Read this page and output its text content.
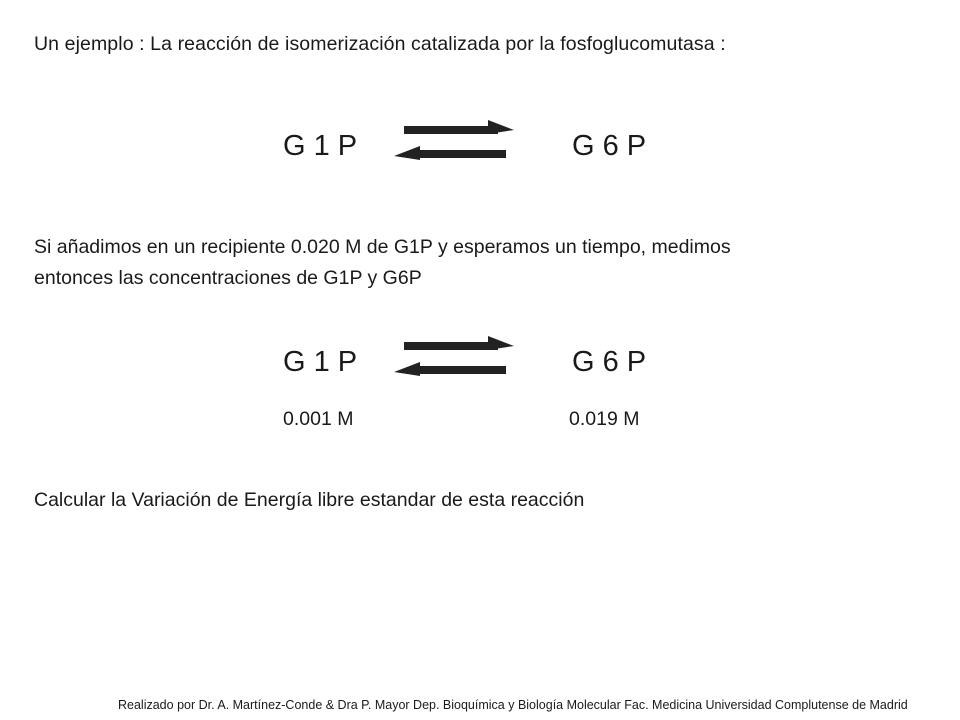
Un ejemplo : La reacción de isomerización catalizada por la fosfoglucomutasa :
G 1 P	G 6 P
Si añadimos en un recipiente 0.020 M de G1P y esperamos un tiempo, medimos
entonces las concentraciones de G1P y G6P
G 1 P	G 6 P
0.001 M	0.019 M
Calcular la Variación de Energía libre estandar de esta reacción
Realizado por Dr. A. Martínez-Conde & Dra P. Mayor Dep. Bioquímica y Biología Molecular Fac. Medicina Universidad Complutense de Madrid
